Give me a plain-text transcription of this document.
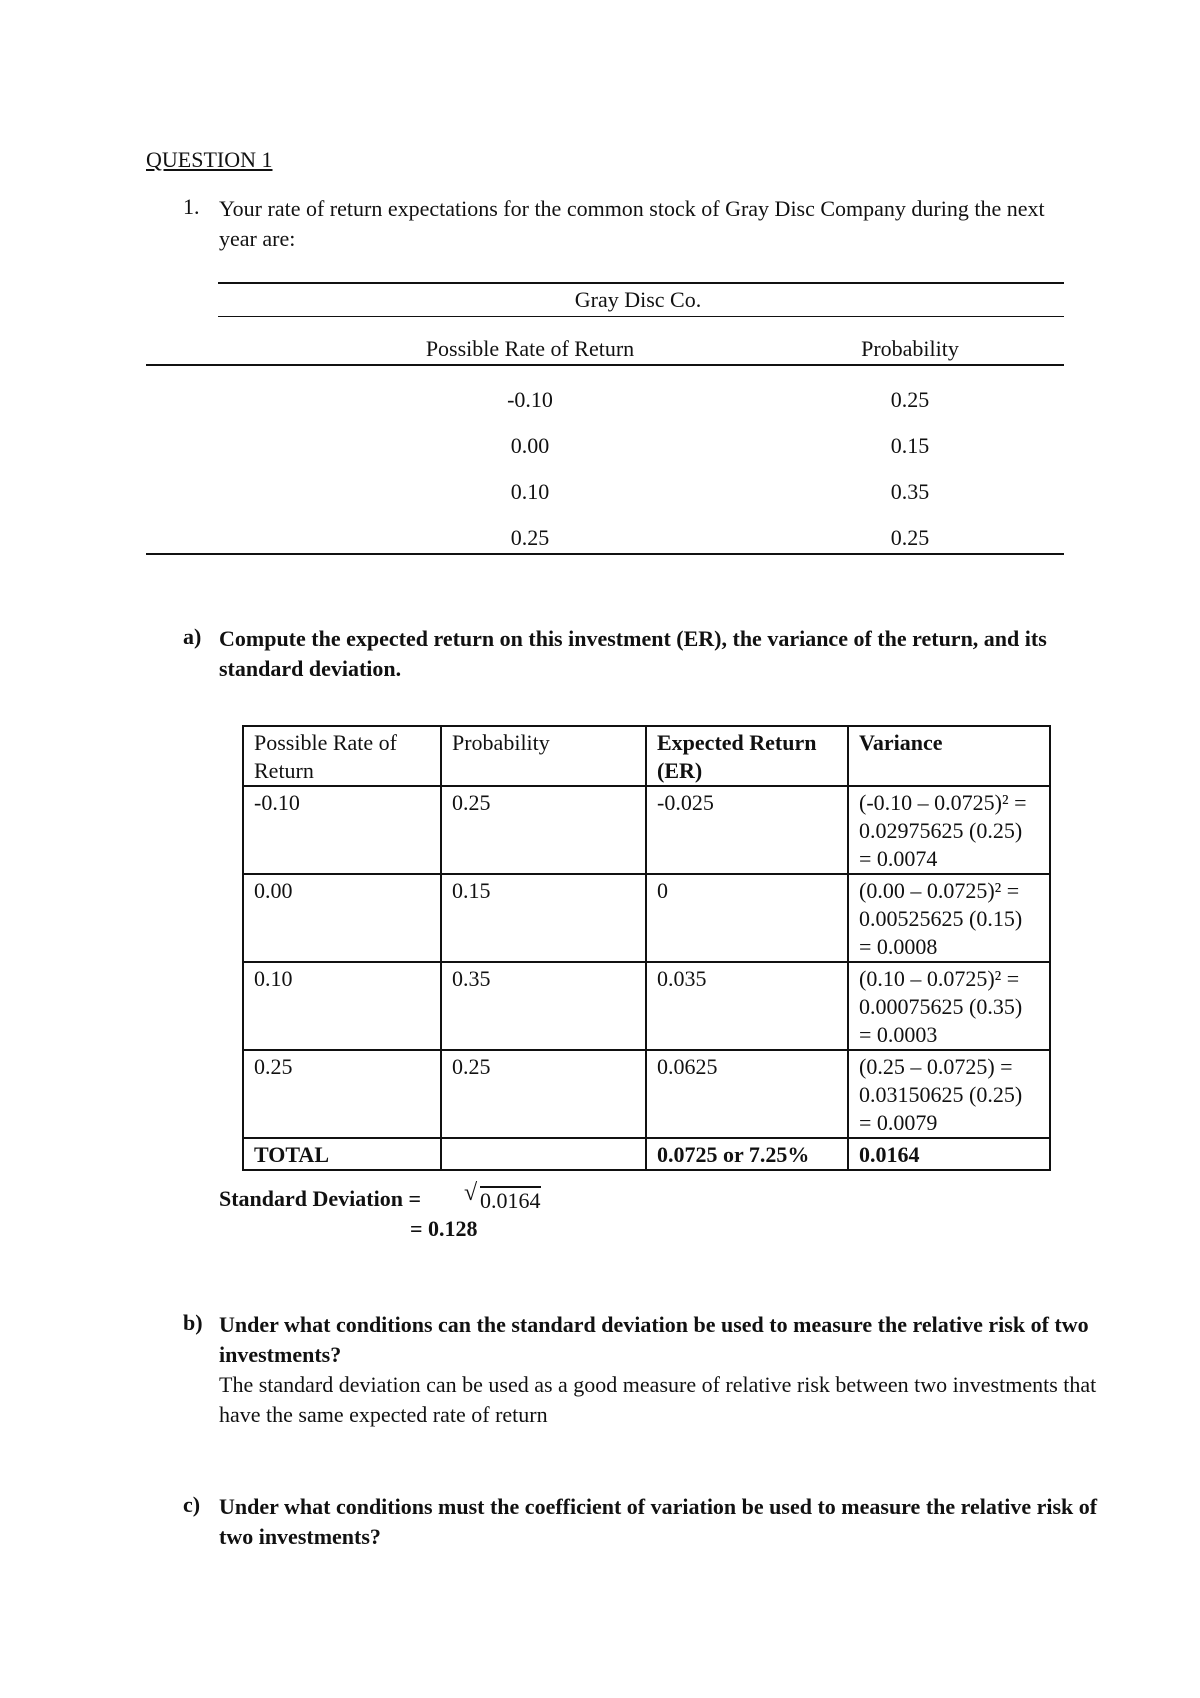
QUESTION 1
1. Your rate of return expectations for the common stock of Gray Disc Company during the next year are:
Gray Disc Co.
Possible Rate of Return	Probability
-0.10	0.25
0.00	0.15
0.10	0.35
0.25	0.25
a) Compute the expected return on this investment (ER), the variance of the return, and its standard deviation.
Possible Rate of Return	Probability	Expected Return (ER)	Variance
-0.10	0.25	-0.025	(-0.10 – 0.0725)² = 0.02975625 (0.25) = 0.0074
0.00	0.15	0	(0.00 – 0.0725)² = 0.00525625 (0.15) = 0.0008
0.10	0.35	0.035	(0.10 – 0.0725)² = 0.00075625 (0.35) = 0.0003
0.25	0.25	0.0625	(0.25 – 0.0725) = 0.03150625 (0.25) = 0.0079
TOTAL		0.0725 or 7.25%	0.0164
Standard Deviation = √ 0.0164
= 0.128
b) Under what conditions can the standard deviation be used to measure the relative risk of two investments?
The standard deviation can be used as a good measure of relative risk between two investments that have the same expected rate of return
c) Under what conditions must the coefficient of variation be used to measure the relative risk of two investments?
